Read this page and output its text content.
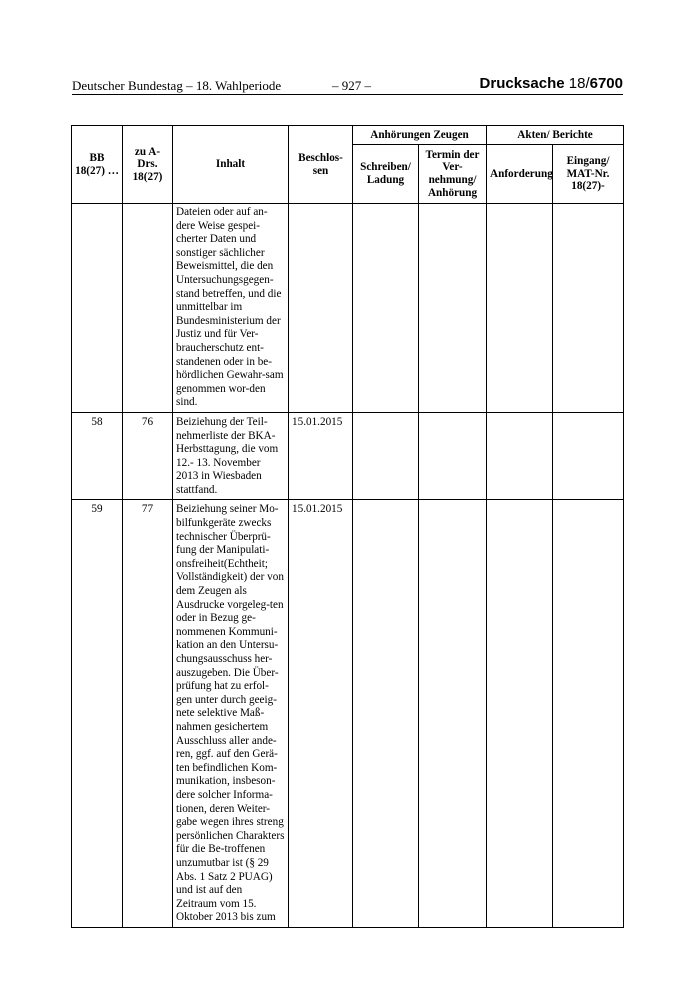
Deutscher Bundestag – 18. Wahlperiode	– 927 –	Drucksache 18/6700
BB 18(27) …	zu A-Drs. 18(27)	Inhalt	Beschlos-sen	Anhörungen Zeugen		Akten/ Berichte	
				Schreiben/ Ladung	Termin der Ver-nehmung/ Anhörung	Anforderung	Eingang/ MAT-Nr. 18(27)-
		Dateien oder auf an-dere Weise gespei-cherter Daten und sonstiger sächlicher Beweismittel, die den Untersuchungsgegen-stand betreffen, und die unmittelbar im Bundesministerium der Justiz und für Ver-braucherschutz ent-standenen oder in be-hördlichen Gewahr-sam genommen wor-den sind.					
58	76	Beiziehung der Teil-nehmerliste der BKA-Herbsttagung, die vom 12.- 13. November 2013 in Wiesbaden stattfand.	15.01.2015				
59	77	Beiziehung seiner Mo-bilfunkgeräte zwecks technischer Überprü-fung der Manipulati-onsfreiheit(Echtheit; Vollständigkeit) der von dem Zeugen als Ausdrucke vorgeleg-ten oder in Bezug ge-nommenen Kommuni-kation an den Untersu-chungsausschuss her-auszugeben. Die Über-prüfung hat zu erfol-gen unter durch geeig-nete selektive Maß-nahmen gesichertem Ausschluss aller ande-ren, ggf. auf den Gerä-ten befindlichen Kom-munikation, insbeson-dere solcher Informa-tionen, deren Weiter-gabe wegen ihres streng persönlichen Charakters für die Be-troffenen unzumutbar ist (§ 29 Abs. 1 Satz 2 PUAG) und ist auf den Zeitraum vom 15. Oktober 2013 bis zum	15.01.2015				
